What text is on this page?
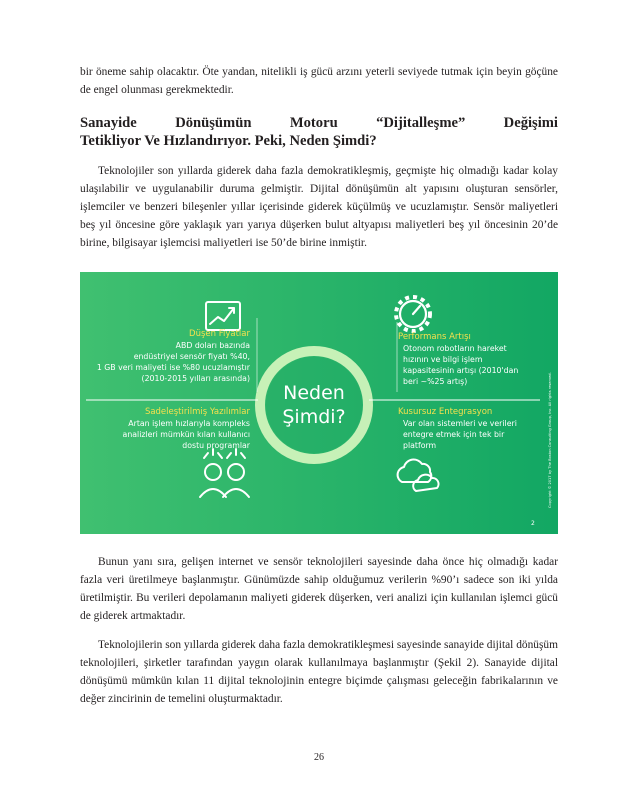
bir öneme sahip olacaktır. Öte yandan, nitelikli iş gücü arzını yeterli seviyede tutmak için beyin göçüne de engel olunması gerekmektedir.

Sanayide	Dönüşümün	Motoru	“Dijitalleşme”	Değişimi
Tetikliyor Ve Hızlandırıyor. Peki, Neden Şimdi?

Teknolojiler son yıllarda giderek daha fazla demokratikleşmiş, geçmişte hiç olmadığı kadar kolay ulaşılabilir ve uygulanabilir duruma gelmiştir. Dijital dönüşümün alt yapısını oluşturan sensörler, işlemciler ve benzeri bileşenler yıllar içerisinde giderek küçülmüş ve ucuzlamıştır. Sensör maliyetleri beş yıl öncesine göre yaklaşık yarı yarıya düşerken bulut altyapısı maliyetleri beş yıl öncesinin 20’de birine, bilgisayar işlemcisi maliyetleri ise 50’de birine inmiştir.

Neden
Şimdi?
Düşen Fiyatlar
ABD doları bazında
endüstriyel sensör fiyatı %40,
1 GB veri maliyeti ise %80 ucuzlamıştır
(2010-2015 yılları arasında)
Sadeleştirilmiş Yazılımlar
Artan işlem hızlarıyla kompleks
analizleri mümkün kılan kullanıcı
dostu programlar
Performans Artışı
Otonom robotların hareket
hızının ve bilgi işlem
kapasitesinin artışı (2010'dan
beri ~%25 artış)
Kusursuz Entegrasyon
Var olan sistemleri ve verileri
entegre etmek için tek bir
platform	Copyright © 2017 by The Boston Consulting Group, Inc. All rights reserved.
2

Bunun yanı sıra, gelişen internet ve sensör teknolojileri sayesinde daha önce hiç olmadığı kadar fazla veri üretilmeye başlanmıştır. Günümüzde sahip olduğumuz verilerin %90’ı sadece son iki yılda üretilmiştir. Bu verileri depolamanın maliyeti giderek düşerken, veri analizi için kullanılan işlemci gücü de giderek artmaktadır.

Teknolojilerin son yıllarda giderek daha fazla demokratikleşmesi sayesinde sanayide dijital dönüşüm teknolojileri, şirketler tarafından yaygın olarak kullanılmaya başlanmıştır (Şekil 2). Sanayide dijital dönüşümü mümkün kılan 11 dijital teknolojinin entegre biçimde çalışması geleceğin fabrikalarının ve değer zincirinin de temelini oluşturmaktadır.

26
